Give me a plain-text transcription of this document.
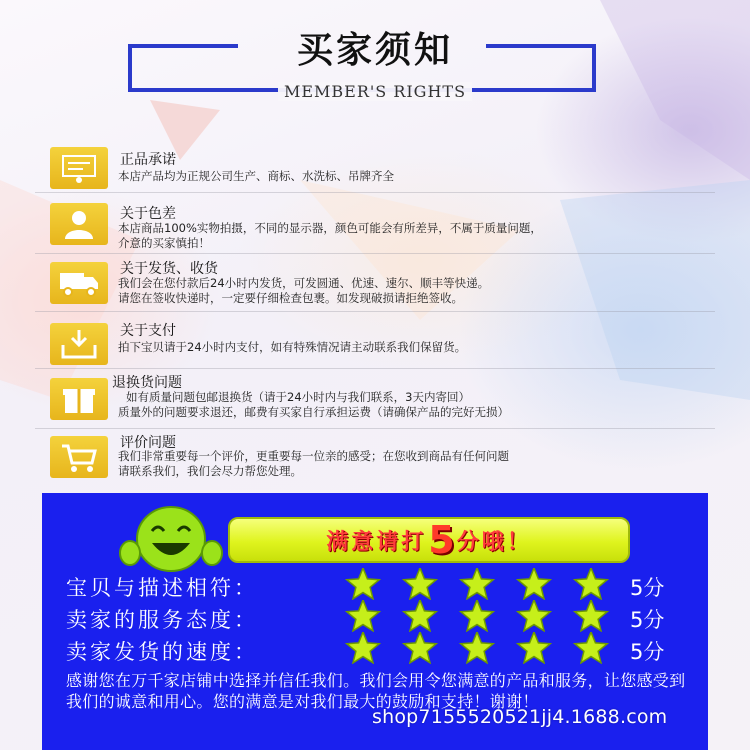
买家须知
MEMBER'S RIGHTS
正品承诺
本店产品均为正规公司生产、商标、水洗标、吊牌齐全
关于色差
本店商品100%实物拍摄，不同的显示器，颜色可能会有所差异，不属于质量问题，
介意的买家慎拍！
关于发货、收货
我们会在您付款后24小时内发货，可发圆通、优速、速尔、顺丰等快递。
请您在签收快递时，一定要仔细检查包裹。如发现破损请拒绝签收。
关于支付
拍下宝贝请于24小时内支付，如有特殊情况请主动联系我们保留货。
退换货问题
如有质量问题包邮退换货（请于24小时内与我们联系，3天内寄回）
质量外的问题要求退还，邮费有买家自行承担运费（请确保产品的完好无损）
评价问题
我们非常重要每一个评价，更重要每一位亲的感受；在您收到商品有任何问题
请联系我们，我们会尽力帮您处理。
满意请打 5 分哦！
宝贝与描述相符：	5分
卖家的服务态度：	5分
卖家发货的速度：	5分
感谢您在万千家店铺中选择并信任我们。我们会用令您满意的产品和服务，让您感受到我们的诚意和用心。您的满意是对我们最大的鼓励和支持！谢谢！
shop7155520521jj4.1688.com
